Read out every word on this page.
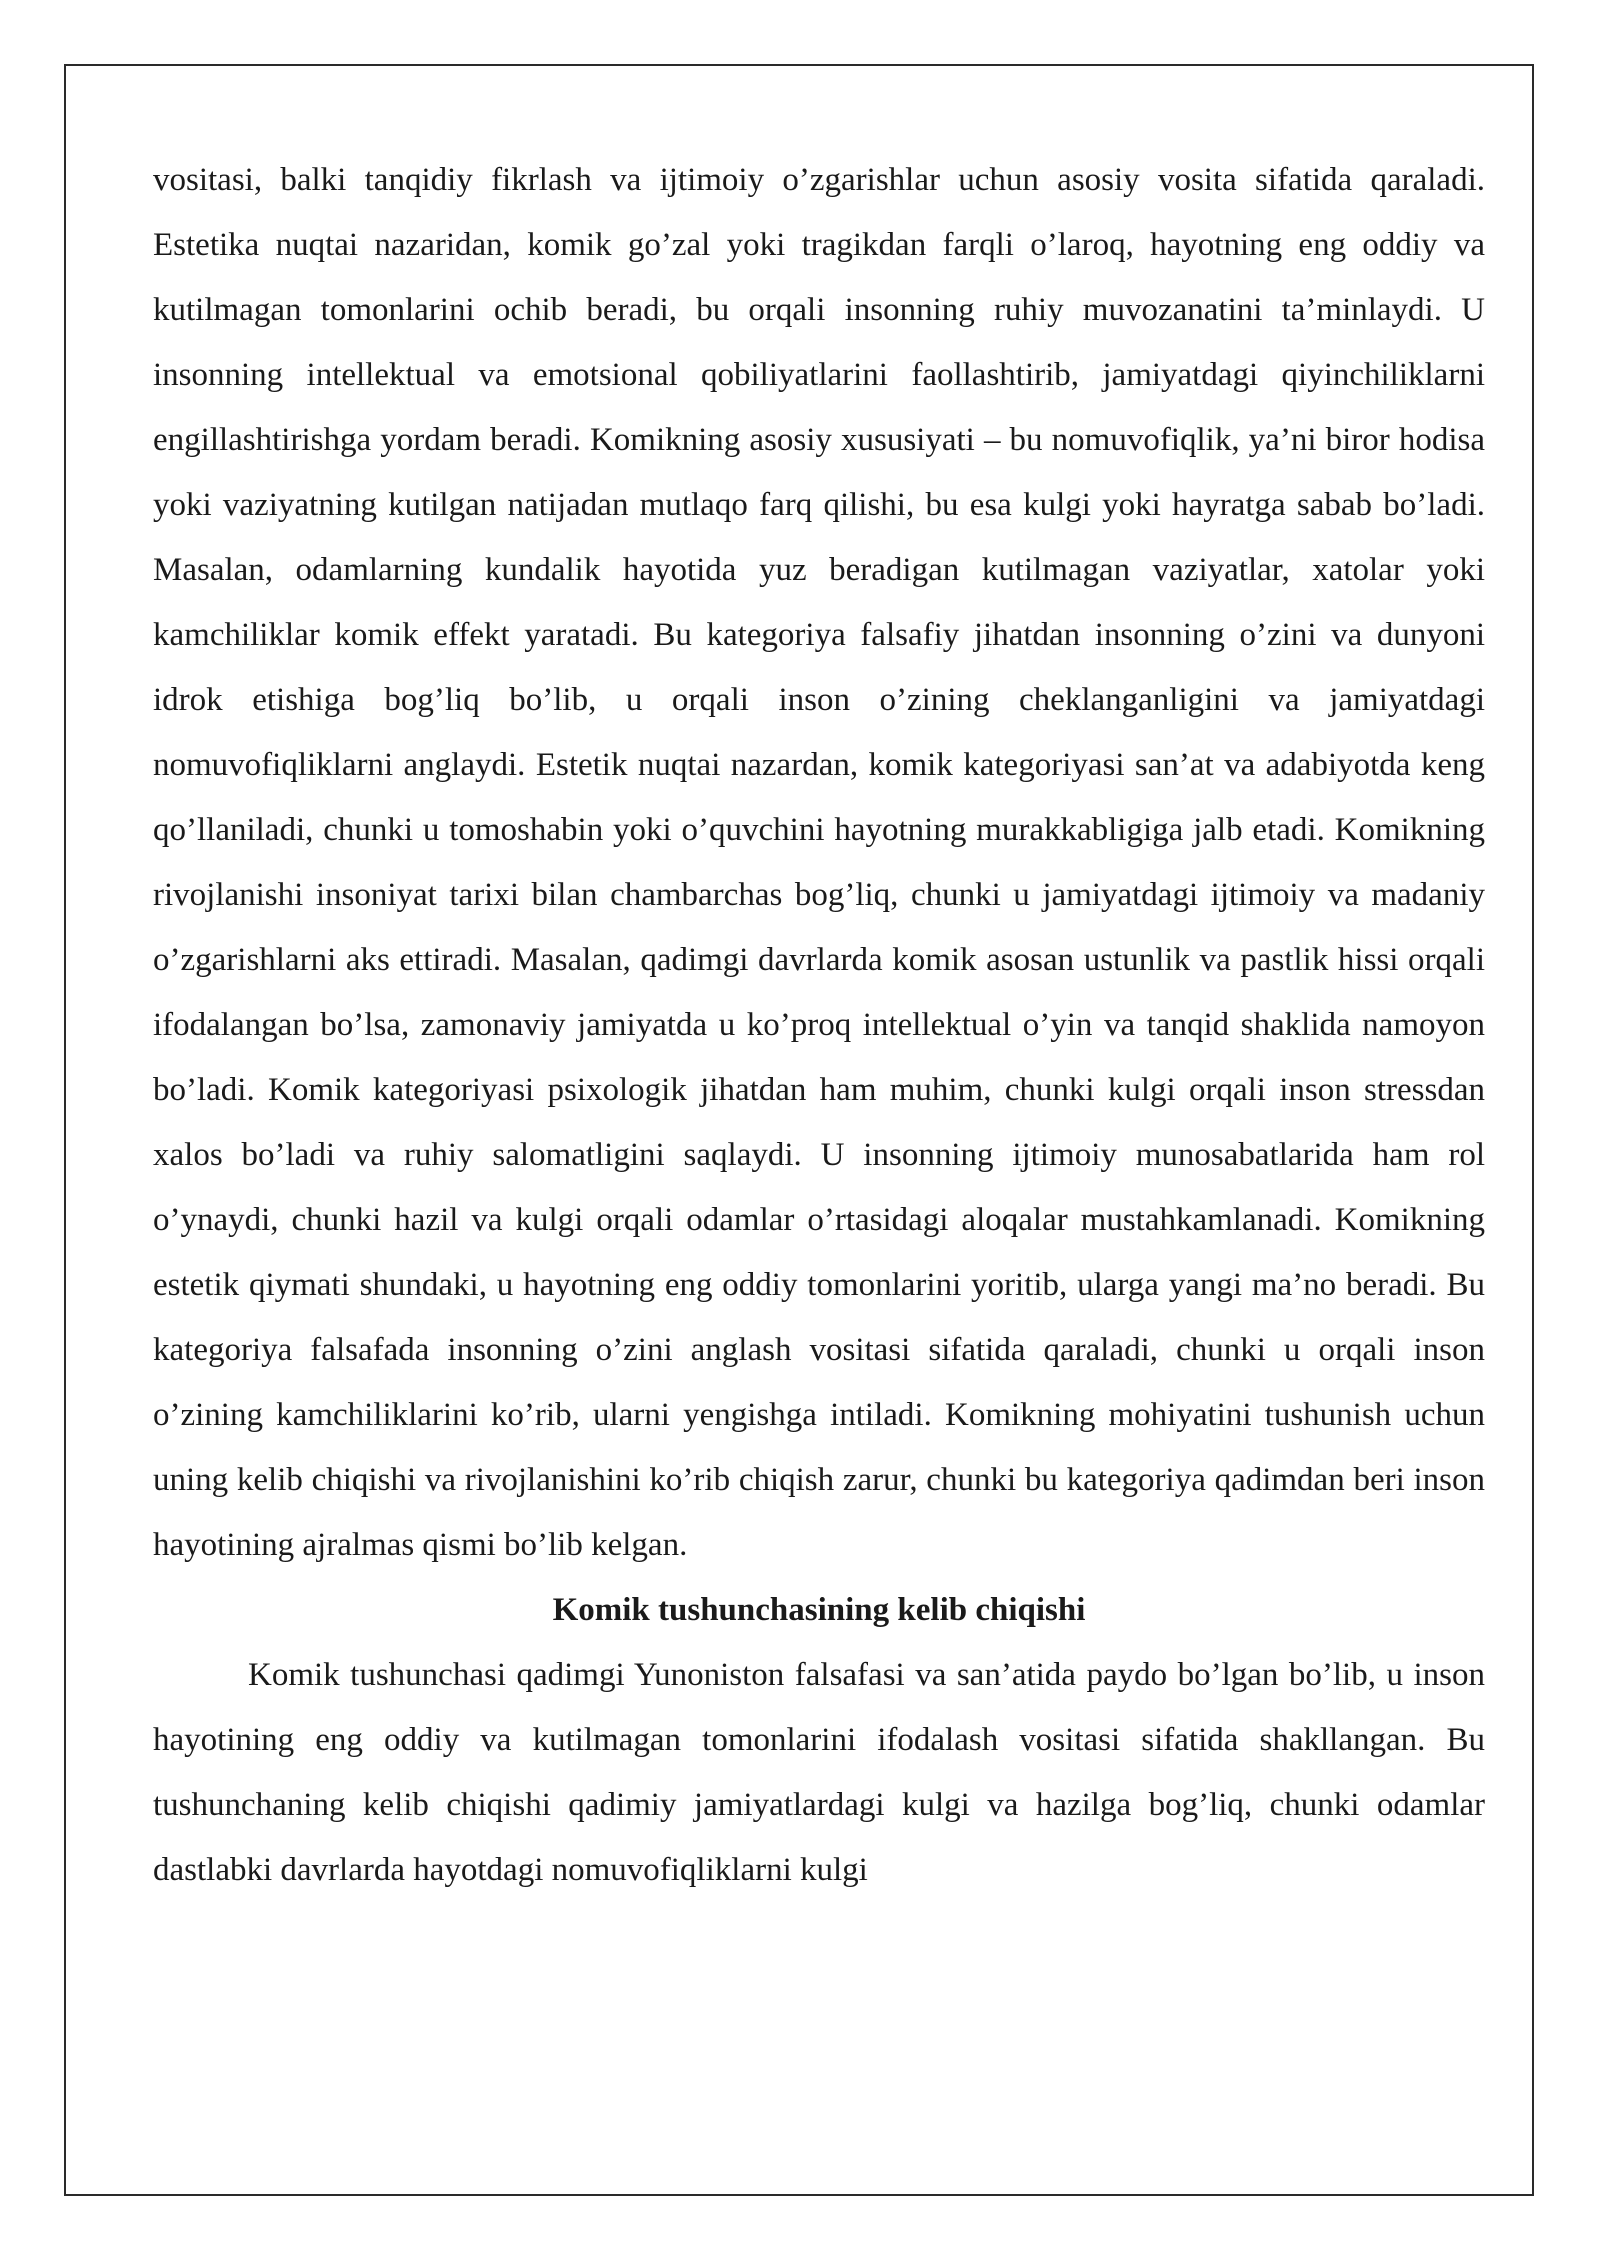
vositasi, balki tanqidiy fikrlash va ijtimoiy o’zgarishlar uchun asosiy vosita sifatida qaraladi. Estetika nuqtai nazaridan, komik go’zal yoki tragikdan farqli o’laroq, hayotning eng oddiy va kutilmagan tomonlarini ochib beradi, bu orqali insonning ruhiy muvozanatini ta’minlaydi. U insonning intellektual va emotsional qobiliyatlarini faollashtirib, jamiyatdagi qiyinchiliklarni engillashtirishga yordam beradi. Komikning asosiy xususiyati – bu nomuvofiqlik, ya’ni biror hodisa yoki vaziyatning kutilgan natijadan mutlaqo farq qilishi, bu esa kulgi yoki hayratga sabab bo’ladi. Masalan, odamlarning kundalik hayotida yuz beradigan kutilmagan vaziyatlar, xatolar yoki kamchiliklar komik effekt yaratadi. Bu kategoriya falsafiy jihatdan insonning o’zini va dunyoni idrok etishiga bog’liq bo’lib, u orqali inson o’zining cheklanganligini va jamiyatdagi nomuvofiqliklarni anglaydi. Estetik nuqtai nazardan, komik kategoriyasi san’at va adabiyotda keng qo’llaniladi, chunki u tomoshabin yoki o’quvchini hayotning murakkabligiga jalb etadi. Komikning rivojlanishi insoniyat tarixi bilan chambarchas bog’liq, chunki u jamiyatdagi ijtimoiy va madaniy o’zgarishlarni aks ettiradi. Masalan, qadimgi davrlarda komik asosan ustunlik va pastlik hissi orqali ifodalangan bo’lsa, zamonaviy jamiyatda u ko’proq intellektual o’yin va tanqid shaklida namoyon bo’ladi. Komik kategoriyasi psixologik jihatdan ham muhim, chunki kulgi orqali inson stressdan xalos bo’ladi va ruhiy salomatligini saqlaydi. U insonning ijtimoiy munosabatlarida ham rol o’ynaydi, chunki hazil va kulgi orqali odamlar o’rtasidagi aloqalar mustahkamlanadi. Komikning estetik qiymati shundaki, u hayotning eng oddiy tomonlarini yoritib, ularga yangi ma’no beradi. Bu kategoriya falsafada insonning o’zini anglash vositasi sifatida qaraladi, chunki u orqali inson o’zining kamchiliklarini ko’rib, ularni yengishga intiladi. Komikning mohiyatini tushunish uchun uning kelib chiqishi va rivojlanishini ko’rib chiqish zarur, chunki bu kategoriya qadimdan beri inson hayotining ajralmas qismi bo’lib kelgan.

Komik tushunchasining kelib chiqishi

Komik tushunchasi qadimgi Yunoniston falsafasi va san’atida paydo bo’lgan bo’lib, u inson hayotining eng oddiy va kutilmagan tomonlarini ifodalash vositasi sifatida shakllangan. Bu tushunchaning kelib chiqishi qadimiy jamiyatlardagi kulgi va hazilga bog’liq, chunki odamlar dastlabki davrlarda hayotdagi nomuvofiqliklarni kulgi
